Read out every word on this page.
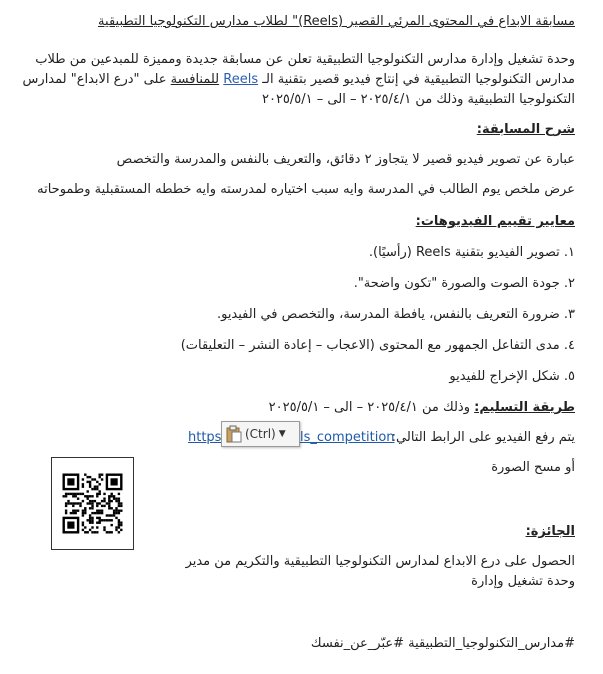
مسابقة الابداع في المحتوى المرئي القصير (Reels)" لطلاب مدارس التكنولوجيا التطبيقية
وحدة تشغيل وإدارة مدارس التكنولوجيا التطبيقية تعلن عن مسابقة جديدة ومميزة للمبدعين من طلاب
مدارس التكنولوجيا التطبيقية في إنتاج فيديو قصير بتقنية الـ Reels للمنافسة على "درع الابداع" لمدارس
التكنولوجيا التطبيقية وذلك من ٢٠٢٥/٤/١ – الى – ٢٠٢٥/٥/١
شرح المسابقة:
عبارة عن تصوير فيديو قصير لا يتجاوز ٢ دقائق، والتعريف بالنفس والمدرسة والتخصص
عرض ملخص يوم الطالب في المدرسة وايه سبب اختياره لمدرسته وايه خططه المستقبلية وطموحاته
معايير تقييم الفيديوهات:
١. تصوير الفيديو بتقنية Reels (رأسيًا).
٢. جودة الصوت والصورة "تكون واضحة".
٣. ضرورة التعريف بالنفس، يافطة المدرسة، والتخصص في الفيديو.
٤. مدى التفاعل الجمهور مع المحتوى (الاعجاب – إعادة النشر – التعليقات)
٥. شكل الإخراج للفيديو
طريقة التسليم: وذلك من ٢٠٢٥/٤/١ – الى – ٢٠٢٥/٥/١
يتم رفع الفيديو على الرابط التالي:
https	ls_competition
(Ctrl) ▼
أو مسح الصورة
الجائزة:
الحصول على درع الابداع لمدارس التكنولوجيا التطبيقية والتكريم من مدير
وحدة تشغيل وإدارة
#مدارس_التكنولوجيا_التطبيقية #عبّر_عن_نفسك
